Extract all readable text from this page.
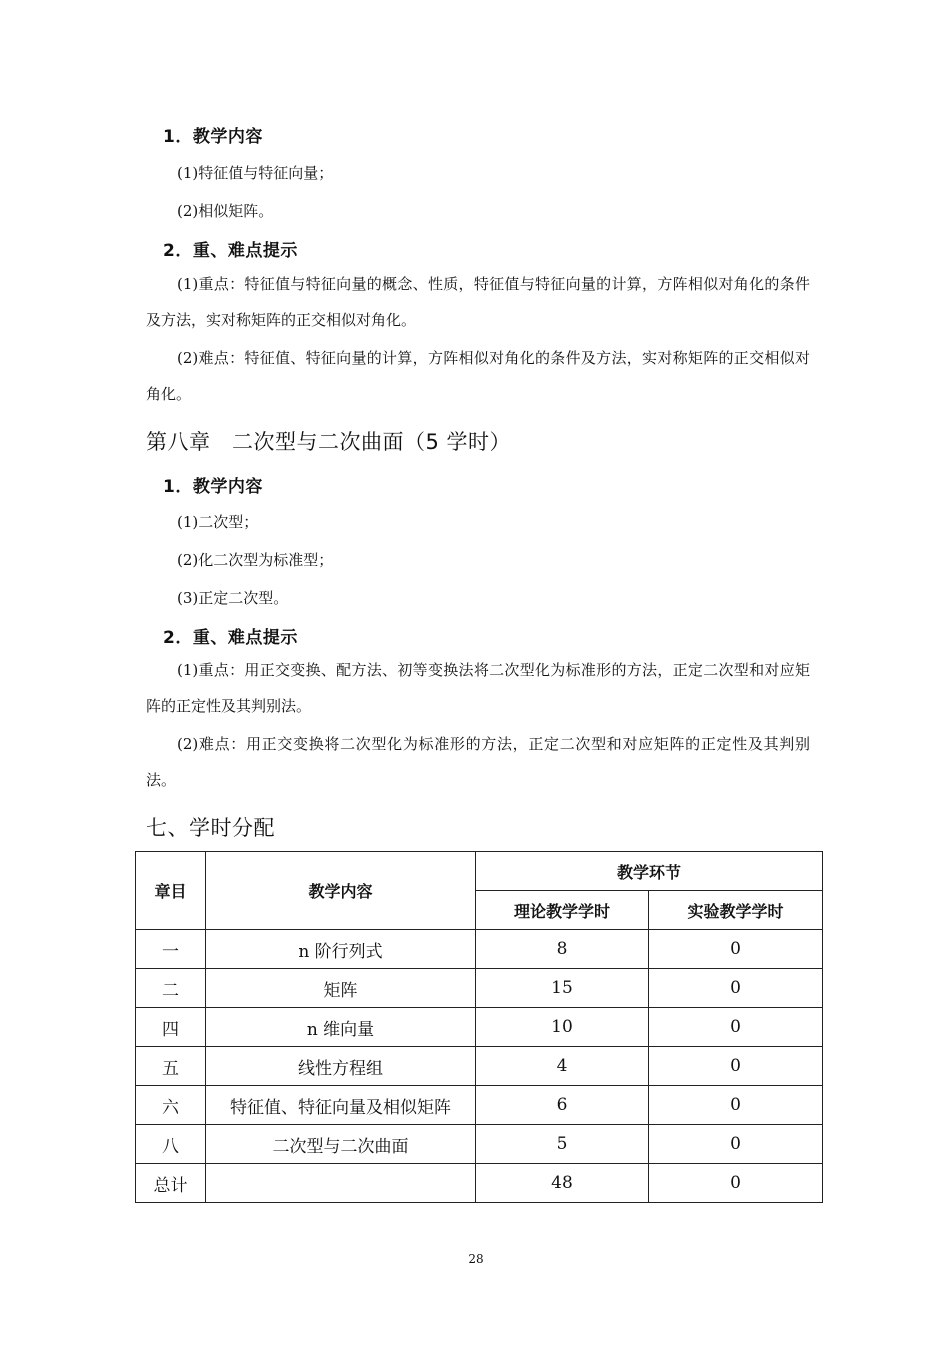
1．教学内容
(1)特征值与特征向量；
(2)相似矩阵。
2．重、难点提示
(1)重点：特征值与特征向量的概念、性质，特征值与特征向量的计算，方阵相似对角化的条件及方法，实对称矩阵的正交相似对角化。
(2)难点：特征值、特征向量的计算，方阵相似对角化的条件及方法，实对称矩阵的正交相似对角化。
第八章　二次型与二次曲面（5 学时）
1．教学内容
(1)二次型；
(2)化二次型为标准型；
(3)正定二次型。
2．重、难点提示
(1)重点：用正交变换、配方法、初等变换法将二次型化为标准形的方法，正定二次型和对应矩阵的正定性及其判别法。
(2)难点：用正交变换将二次型化为标准形的方法，正定二次型和对应矩阵的正定性及其判别法。
七、学时分配
章目	教学内容	教学环节	
		理论教学学时	实验教学学时
一	n 阶行列式	8	0
二	矩阵	15	0
四	n 维向量	10	0
五	线性方程组	4	0
六	特征值、特征向量及相似矩阵	6	0
八	二次型与二次曲面	5	0
总计		48	0
28
